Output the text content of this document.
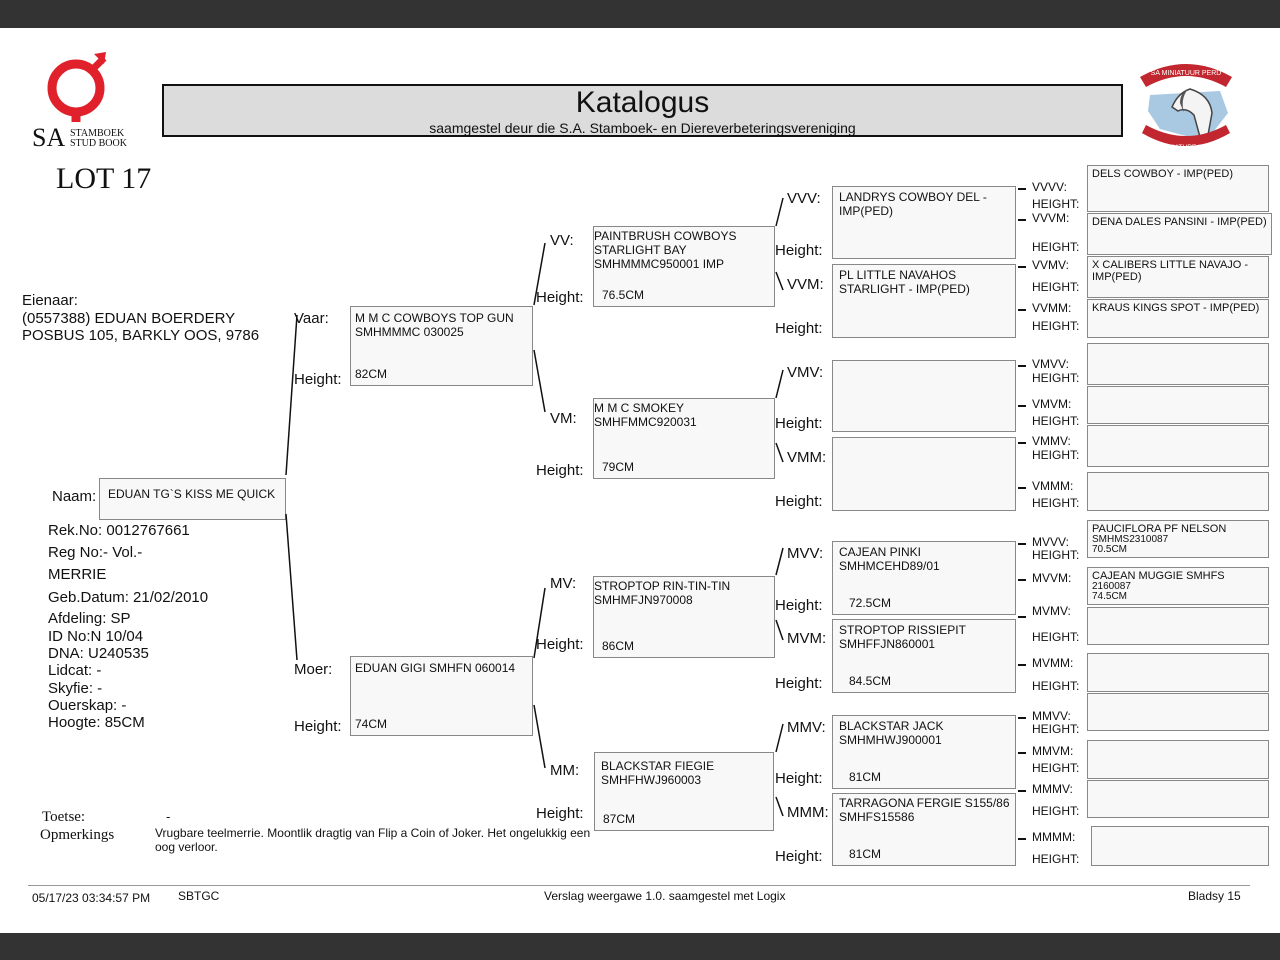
SA STAMBOEK
STUD BOOK
Katalogus
saamgestel deur die S.A. Stamboek- en Diereverbeteringsvereniging
SA MINIATUUR PERD
SA MINIATURE HORSE
LOT 17
Eienaar:
(0557388) EDUAN BOERDERY
POSBUS 105, BARKLY OOS, 9786
Naam: EDUAN TG`S KISS ME QUICK
Rek.No: 0012767661
Reg No:- Vol.-
MERRIE
Geb.Datum: 21/02/2010
Afdeling: SP
ID No:N 10/04
DNA: U240535
Lidcat: -
Skyfie: -
Ouerskap: -
Hoogte: 85CM
Vaar:
Height:
M M C COWBOYS TOP GUN SMHMMMC 030025
82CM
Moer:
Height:
EDUAN GIGI SMHFN 060014
74CM
VV:
Height:
PAINTBRUSH COWBOYS STARLIGHT BAY SMHMMMC950001 IMP
76.5CM
VM:
Height:
M M C SMOKEY SMHFMMC920031
79CM
MV:
Height:
STROPTOP RIN-TIN-TIN SMHMFJN970008
86CM
MM:
Height:
BLACKSTAR FIEGIE SMHFHWJ960003
87CM
VVV:
Height:
LANDRYS COWBOY DEL - IMP(PED)
VVM:
Height:
PL LITTLE NAVAHOS STARLIGHT - IMP(PED)
VMV:
Height:
VMM:
Height:
MVV:
Height:
CAJEAN PINKI SMHMCEHD89/01
72.5CM
MVM:
Height:
STROPTOP RISSIEPIT SMHFFJN860001
84.5CM
MMV:
Height:
BLACKSTAR JACK SMHMHWJ900001
81CM
MMM:
Height:
TARRAGONA FERGIE S155/86 SMHFS15586
81CM
VVVV:
HEIGHT:
VVVM:
HEIGHT:
VVMV:
HEIGHT:
VVMM:
HEIGHT:
VMVV:
HEIGHT:
VMVM:
HEIGHT:
VMMV:
HEIGHT:
VMMM:
HEIGHT:
MVVV:
HEIGHT:
MVVM:
MVMV:
HEIGHT:
MVMM:
HEIGHT:
MMVV:
HEIGHT:
MMVM:
HEIGHT:
MMMV:
HEIGHT:
MMMM:
HEIGHT:
DELS COWBOY - IMP(PED)
DENA DALES PANSINI - IMP(PED)
X CALIBERS LITTLE NAVAJO - IMP(PED)
KRAUS KINGS SPOT - IMP(PED)
PAUCIFLORA PF NELSON
SMHMS2310087
70.5CM
CAJEAN MUGGIE SMHFS
2160087
74.5CM
Toetse:	-
Opmerkings	Vrugbare teelmerrie. Moontlik dragtig van Flip a Coin of Joker. Het ongelukkig een oog verloor.
05/17/23 03:34:57 PM SBTGC	Verslag weergawe 1.0. saamgestel met Logix	Bladsy 15
